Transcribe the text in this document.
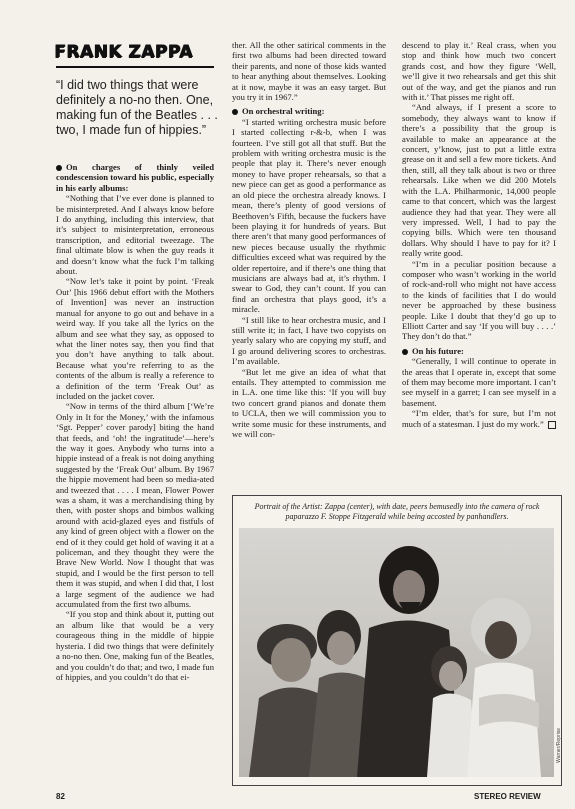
FRANK ZAPPA
“I did two things that were definitely a no-no then. One, making fun of the Beatles . . . two, I made fun of hippies.”

On charges of thinly veiled condescension toward his public, especially in his early albums:

“Nothing that I’ve ever done is planned to be misinterpreted. And I always know before I do anything, including this interview, that it’s subject to misinterpretation, erroneous transcription, and editorial tweezage. The final ultimate blow is when the guy reads it and doesn’t know what the fuck I’m talking about.

“Now let’s take it point by point. ‘Freak Out’ [his 1966 debut effort with the Mothers of Invention] was never an instruction manual for anyone to go out and behave in a weird way. If you take all the lyrics on the album and see what they say, as opposed to what the liner notes say, then you find that you don’t have anything to talk about. Because what you’re referring to as the contents of the album is really a reference to a definition of the term ‘Freak Out’ as included on the jacket cover.

“Now in terms of the third album [‘We’re Only in It for the Money,’ with the infamous ‘Sgt. Pepper’ cover parody] biting the hand that feeds, and ‘oh! the ingratitude’—here’s the way it goes. Anybody who turns into a hippie instead of a freak is not doing anything suggested by the ‘Freak Out’ album. By 1967 the hippie movement had been so media-ated and tweezed that . . . . I mean, Flower Power was a sham, it was a merchandising thing by then, with poster shops and bimbos walking around with acid-glazed eyes and fistfuls of any kind of green object with a flower on the end of it they could get hold of waving it at a policeman, and they thought they were the Brave New World. Now I thought that was stupid, and I would be the first person to tell them it was stupid, and when I did that, I lost a large segment of the audience we had accumulated from the first two albums.

“If you stop and think about it, putting out an album like that would be a very courageous thing in the middle of hippie hysteria. I did two things that were definitely a no-no then. One, making fun of the Beatles, and you couldn’t do that; and two, I made fun of hippies, and you couldn’t do that ei-

ther. All the other satirical comments in the first two albums had been directed toward their parents, and none of those kids wanted to hear anything about themselves. Looking at it now, maybe it was an easy target. But you try it in 1967.”

On orchestral writing:

“I started writing orchestra music before I started collecting r-&-b, when I was fourteen. I’ve still got all that stuff. But the problem with writing orchestra music is the people that play it. There’s never enough money to have proper rehearsals, so that a new piece can get as good a performance as an old piece the orchestra already knows. I mean, there’s plenty of good versions of Beethoven’s Fifth, because the fuckers have been playing it for hundreds of years. But there aren’t that many good performances of new pieces because usually the rhythmic difficulties exceed what was required by the older repertoire, and if there’s one thing that musicians are always bad at, it’s rhythm. I swear to God, they can’t count. If you can find an orchestra that plays good, it’s a miracle.

“I still like to hear orchestra music, and I still write it; in fact, I have two copyists on yearly salary who are copying my stuff, and I go around delivering scores to orchestras. I’m available.

“But let me give an idea of what that entails. They attempted to commission me in L.A. one time like this: ‘If you will buy two concert grand pianos and donate them to UCLA, then we will commission you to write some music for these instruments, and we will con-

descend to play it.’ Real crass, when you stop and think how much two concert grands cost, and how they figure ‘Well, we’ll give it two rehearsals and get this shit out of the way, and get the pianos and run with it.’ That pisses me right off.

“And always, if I present a score to somebody, they always want to know if there’s a possibility that the group is available to make an appearance at the concert, y’know, just to put a little extra grease on it and sell a few more tickets. And then, still, all they talk about is two or three rehearsals. Like when we did 200 Motels with the L.A. Philharmonic, 14,000 people came to that concert, which was the largest audience they had that year. They were all very impressed. Well, I had to pay the copying bills. Which were ten thousand dollars. Why should I have to pay for it? I really write good.

“I’m in a peculiar position because a composer who wasn’t working in the world of rock-and-roll who might not have access to the kinds of facilities that I do would never be approached by these business people. Like I doubt that they’d go up to Elliott Carter and say ‘If you will buy . . . .’ They don’t do that.”

On his future:

“Generally, I will continue to operate in the areas that I operate in, except that some of them may become more important. I can’t see myself in a garret; I can see myself in a basement.

“I’m elder, that’s for sure, but I’m not much of a statesman. I just do my work.”

Portrait of the Artist: Zappa (center), with date, peers bemusedly into the camera of rock paparazzo F. Stoppe Fitzgerald while being accosted by panhandlers.
Warner/Reprise
82	STEREO REVIEW
